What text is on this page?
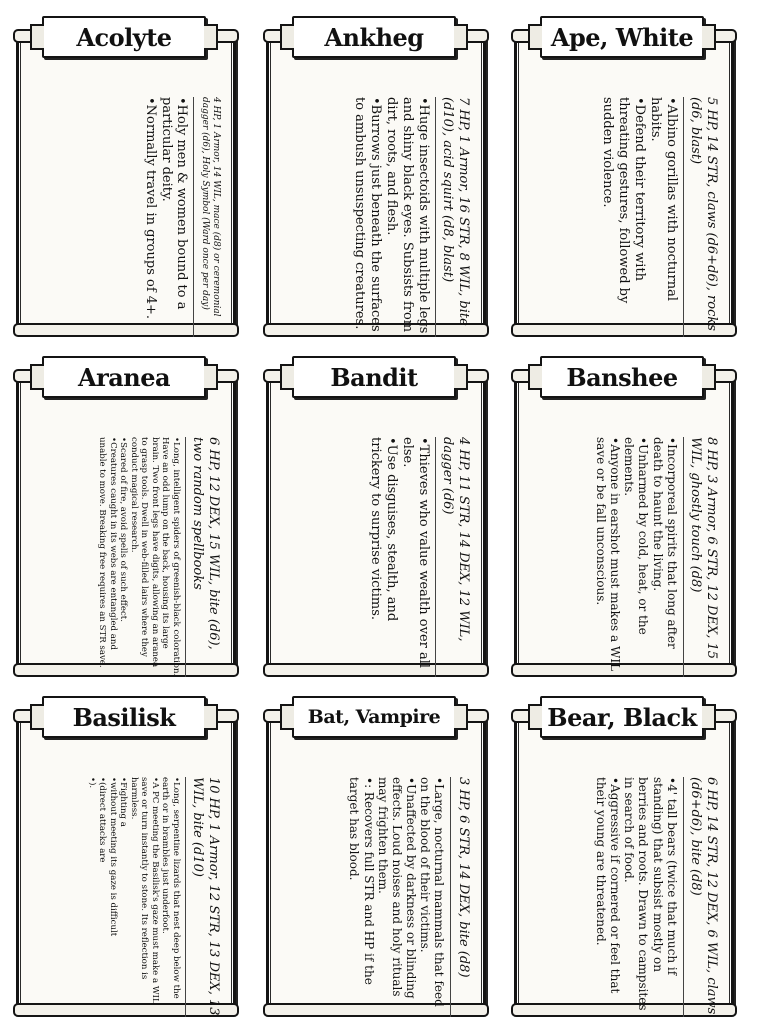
4 HP, 1 Armor, 14 WIL, mace (d8) or ceremonial dagger (d6), Holy Symbol (Ward once per day)
• Holy men & women bound to a particular deity.
• Normally travel in groups of 4+.
Acolyte
7 HP, 1 Armor, 16 STR, 8 WIL, bite (d10), acid squirt (d8, blast)
• Huge insectoids with multiple legs and shiny black eyes. Subsists from dirt, roots, and flesh.
• Burrows just beneath the surfaces to ambush unsuspecting creatures.
Ankheg
5 HP, 14 STR, claws (d6+d6), rocks (d6, blast)
• Albino gorillas with nocturnal habits.
• Defend their territory with threating gestures, followed by sudden violence.
Ape, White
6 HP, 12 DEX, 15 WIL, bite (d6), two random spellbooks
• Long, intelligent spiders of greenish-black coloration. Have an odd lump on the back, housing its large brain. Two front legs have digits, allowing an aranea to grasp tools. Dwell in web-filled lairs where they conduct magical research.
• Scared of fire, avoid spells of such effect.
• Creatures caught in its webs are entangled and unable to move. Breaking free requires an STR save.
Aranea
4 HP, 11 STR, 14 DEX, 12 WIL, dagger (d6)
• Thieves who value wealth over all else.
• Use disguises, stealth, and trickery to surprise victims.
Bandit
8 HP, 3 Armor, 6 STR, 12 DEX, 15 WIL, ghostly touch (d8)
• Incorporeal spirits that long after death to haunt the living.
• Unharmed by cold, heat, or the elements.
• Anyone in earshot must makes a WIL save or be fall unconscious.
Banshee
10 HP, 1 Armor, 12 STR, 13 DEX, 13 WIL, bite (d10)
• Long, serpentine lizards that nest deep below the earth or in brambles just underfoot.
• A PC meeting the Basilisk's gaze must make a WIL save or turn instantly to stone. Its reflection is harmless.
• Fighting a
• without meeting its gaze is difficult
• (direct attacks are
• ).
Basilisk
3 HP, 6 STR, 14 DEX, bite (d8)
• Large, nocturnal mammals that feed on the blood of their victims.
• Unaffected by darkness or blinding effects. Loud noises and holy rituals may frighten them.
• : Recovers full STR and HP if the target has blood.
Bat, Vampire
6 HP, 14 STR, 12 DEX, 6 WIL, claws (d6+d6), bite (d8)
• 4' tall bears (twice that much if standing) that subsist mostly on berries and roots. Drawn to campsites in search of food.
• Aggressive if cornered or feel that their young are threatened.
Bear, Black
